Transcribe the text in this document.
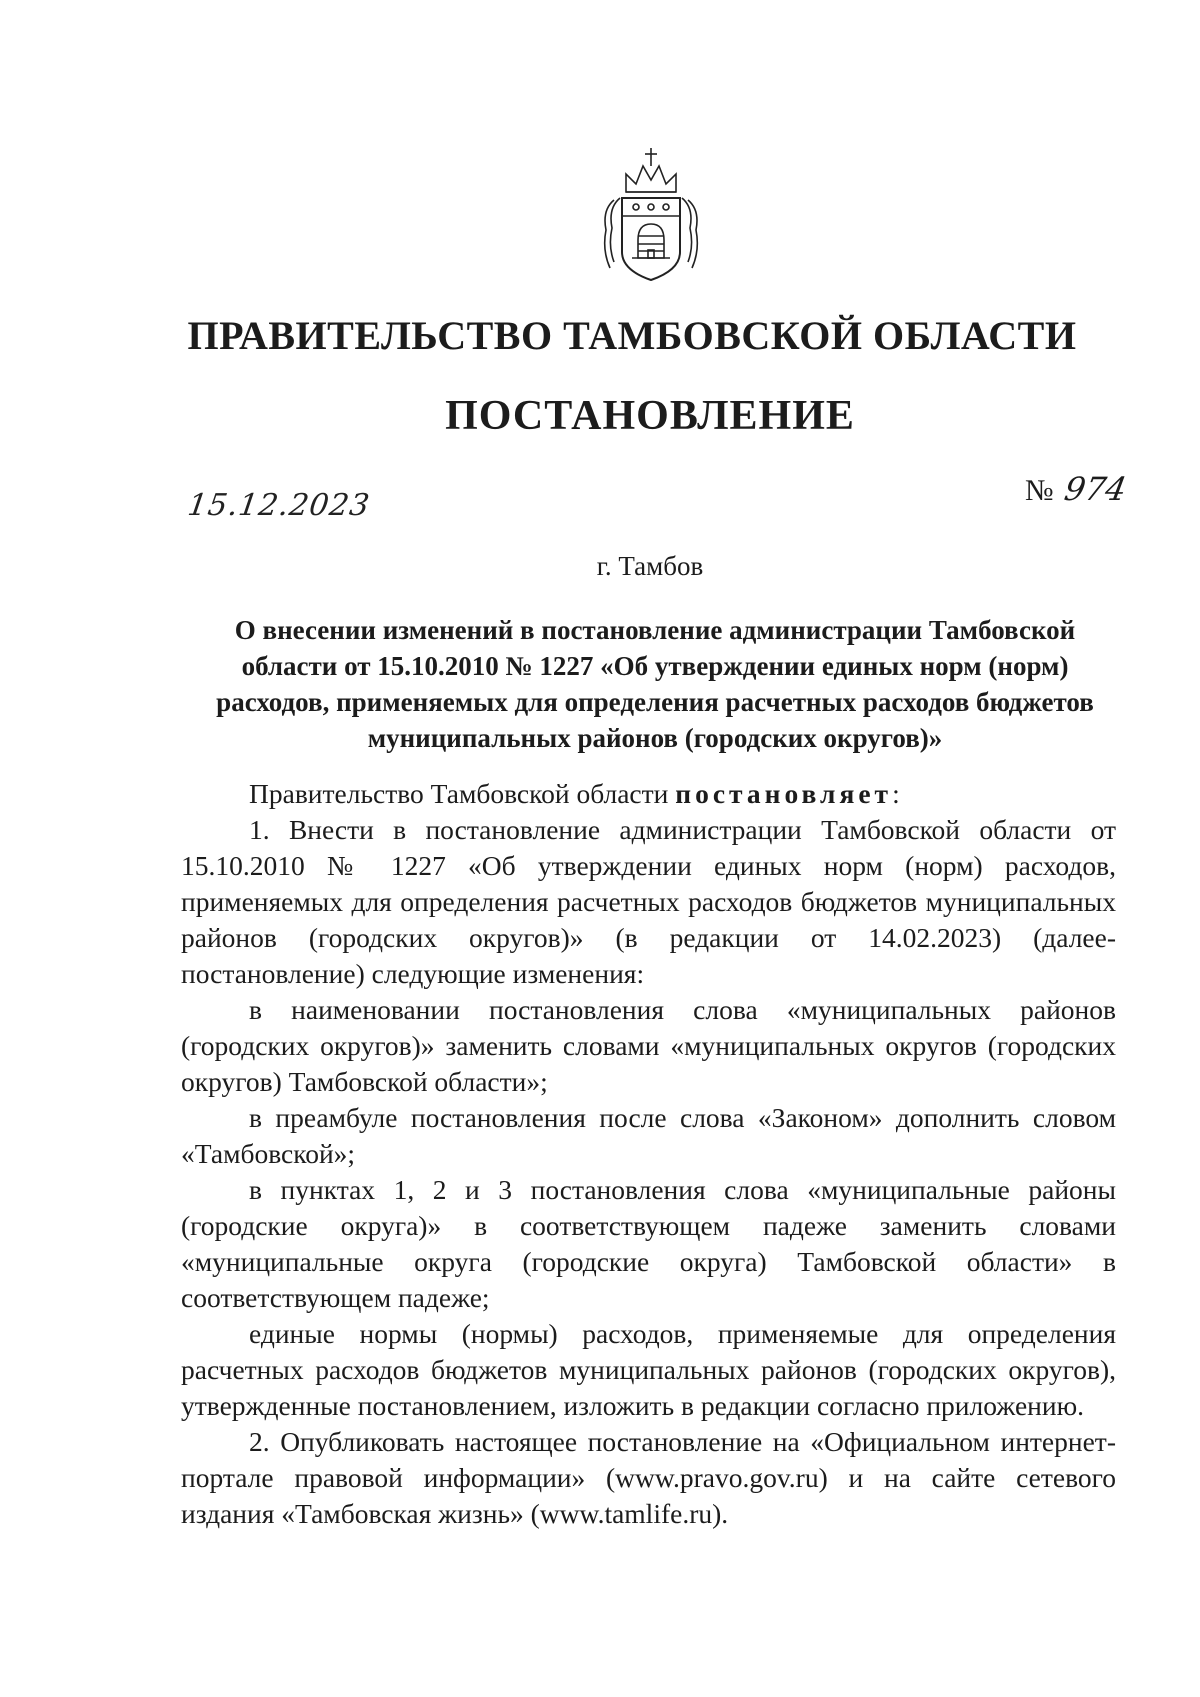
ПРАВИТЕЛЬСТВО ТАМБОВСКОЙ ОБЛАСТИ
ПОСТАНОВЛЕНИЕ
15.12.2023	№ 974
г. Тамбов
О внесении изменений в постановление администрации Тамбовской области от 15.10.2010 № 1227 «Об утверждении единых норм (норм) расходов, применяемых для определения расчетных расходов бюджетов муниципальных районов (городских округов)»

Правительство Тамбовской области постановляет:

1. Внести в постановление администрации Тамбовской области от 15.10.2010 № 1227 «Об утверждении единых норм (норм) расходов, применяемых для определения расчетных расходов бюджетов муниципальных районов (городских округов)» (в редакции от 14.02.2023) (далее-постановление) следующие изменения:

в наименовании постановления слова «муниципальных районов (городских округов)» заменить словами «муниципальных округов (городских округов) Тамбовской области»;

в преамбуле постановления после слова «Законом» дополнить словом «Тамбовской»;

в пунктах 1, 2 и 3 постановления слова «муниципальные районы (городские округа)» в соответствующем падеже заменить словами «муниципальные округа (городские округа) Тамбовской области» в соответствующем падеже;

единые нормы (нормы) расходов, применяемые для определения расчетных расходов бюджетов муниципальных районов (городских округов), утвержденные постановлением, изложить в редакции согласно приложению.

2. Опубликовать настоящее постановление на «Официальном интернет-портале правовой информации» (www.pravo.gov.ru) и на сайте сетевого издания «Тамбовская жизнь» (www.tamlife.ru).
